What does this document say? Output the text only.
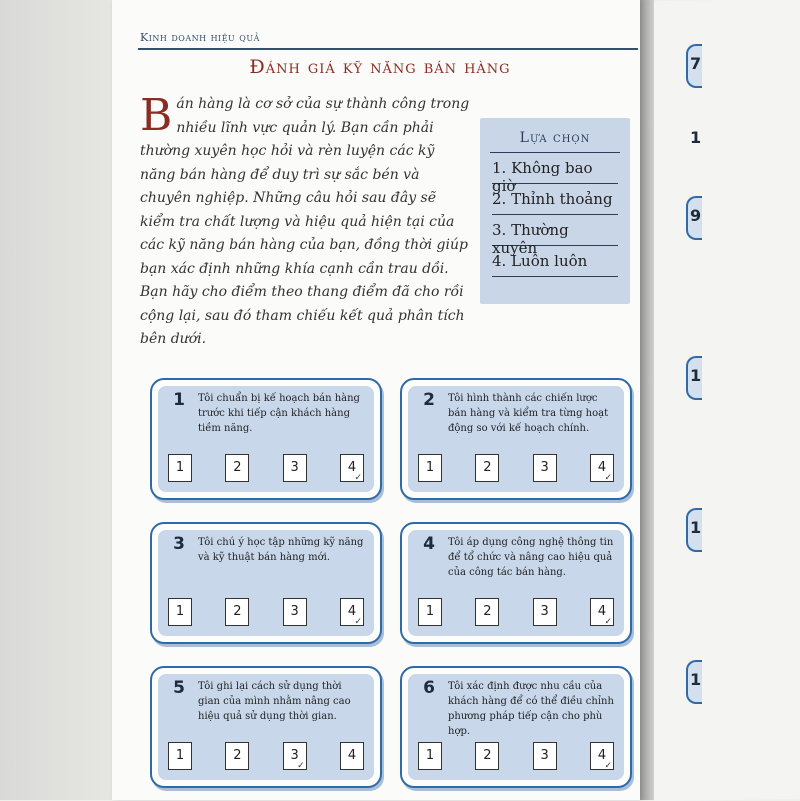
Kinh doanh hiệu quả
Đánh giá kỹ năng bán hàng
Bán hàng là cơ sở của sự thành công trong nhiều lĩnh vực quản lý. Bạn cần phải thường xuyên học hỏi và rèn luyện các kỹ năng bán hàng để duy trì sự sắc bén và chuyên nghiệp. Những câu hỏi sau đây sẽ kiểm tra chất lượng và hiệu quả hiện tại của các kỹ năng bán hàng của bạn, đồng thời giúp bạn xác định những khía cạnh cần trau dồi. Bạn hãy cho điểm theo thang điểm đã cho rồi cộng lại, sau đó tham chiếu kết quả phân tích bên dưới.
Lựa chọn
1. Không bao giờ
2. Thỉnh thoảng
3. Thường xuyên
4. Luôn luôn
1	Tôi chuẩn bị kế hoạch bán hàng trước khi tiếp cận khách hàng tiềm năng.
1	2	3	4
✓
2	Tôi hình thành các chiến lược bán hàng và kiểm tra từng hoạt động so với kế hoạch chính.
1	2	3	4
✓
3	Tôi chú ý học tập những kỹ năng và kỹ thuật bán hàng mới.
1	2	3	4
✓
4	Tôi áp dụng công nghệ thông tin để tổ chức và nâng cao hiệu quả của công tác bán hàng.
1	2	3	4
✓
5	Tôi ghi lại cách sử dụng thời gian của mình nhằm nâng cao hiệu quả sử dụng thời gian.
1	2	3
✓
4
6	Tôi xác định được nhu cầu của khách hàng để có thể điều chỉnh phương pháp tiếp cận cho phù hợp.
1	2	3	4
✓
7
9
1
1
1
1
